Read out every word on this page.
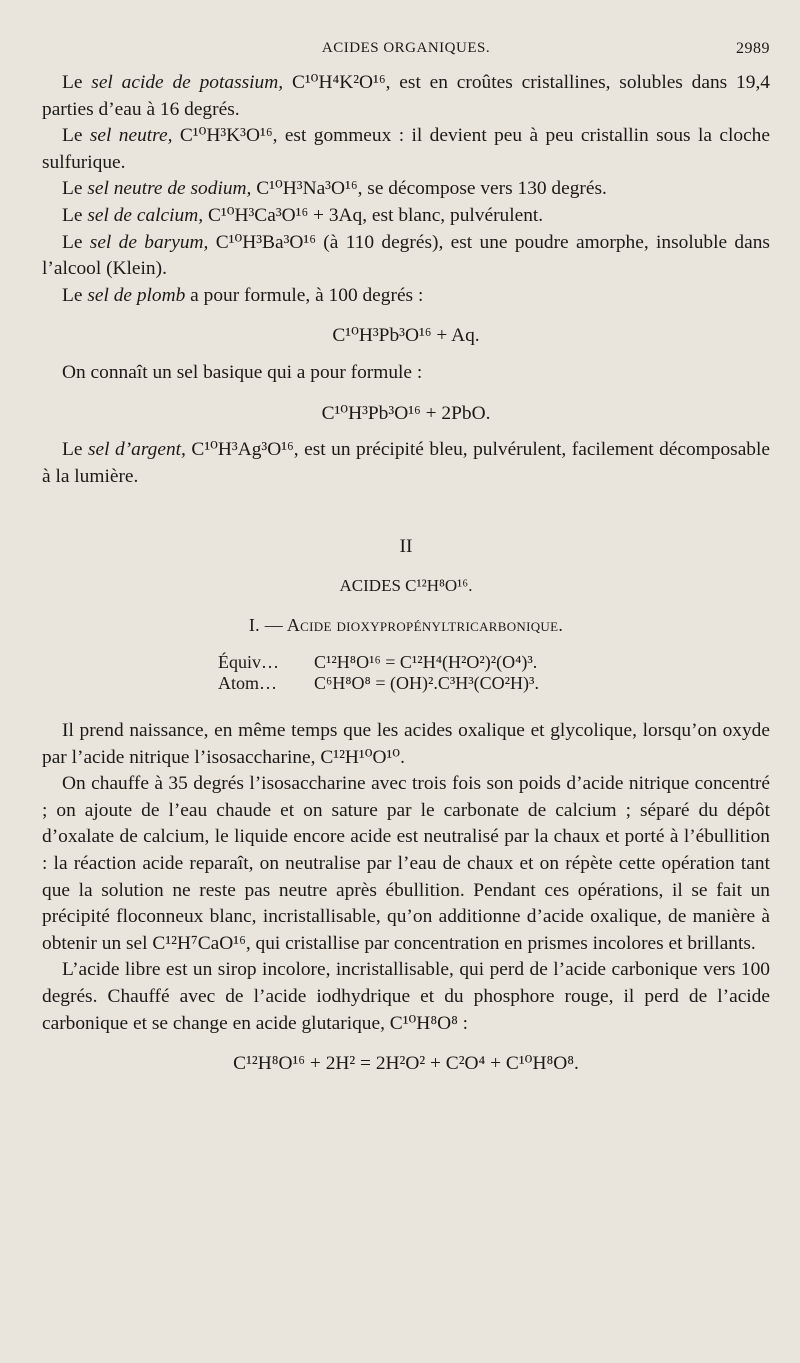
ACIDES ORGANIQUES.	2989

Le sel acide de potassium, C¹⁰H⁴K²O¹⁶, est en croûtes cristallines, solubles dans 19,4 parties d’eau à 16 degrés.

Le sel neutre, C¹⁰H³K³O¹⁶, est gommeux : il devient peu à peu cristallin sous la cloche sulfurique.

Le sel neutre de sodium, C¹⁰H³Na³O¹⁶, se décompose vers 130 degrés.

Le sel de calcium, C¹⁰H³Ca³O¹⁶ + 3Aq, est blanc, pulvérulent.

Le sel de baryum, C¹⁰H³Ba³O¹⁶ (à 110 degrés), est une poudre amorphe, insoluble dans l’alcool (Klein).

Le sel de plomb a pour formule, à 100 degrés :

C¹⁰H³Pb³O¹⁶ + Aq.

On connaît un sel basique qui a pour formule :

C¹⁰H³Pb³O¹⁶ + 2PbO.

Le sel d’argent, C¹⁰H³Ag³O¹⁶, est un précipité bleu, pulvérulent, facilement décomposable à la lumière.

II

ACIDES C¹²H⁸O¹⁶.

I. — Acide dioxypropényltricarbonique.

Équiv… C¹²H⁸O¹⁶ = C¹²H⁴(H²O²)²(O⁴)³.
Atom… C⁶H⁸O⁸ = (OH)².C³H³(CO²H)³.

Il prend naissance, en même temps que les acides oxalique et glycolique, lorsqu’on oxyde par l’acide nitrique l’isosaccharine, C¹²H¹⁰O¹⁰.

On chauffe à 35 degrés l’isosaccharine avec trois fois son poids d’acide nitrique concentré ; on ajoute de l’eau chaude et on sature par le carbonate de calcium ; séparé du dépôt d’oxalate de calcium, le liquide encore acide est neutralisé par la chaux et porté à l’ébullition : la réaction acide reparaît, on neutralise par l’eau de chaux et on répète cette opération tant que la solution ne reste pas neutre après ébullition. Pendant ces opérations, il se fait un précipité floconneux blanc, incristallisable, qu’on additionne d’acide oxalique, de manière à obtenir un sel C¹²H⁷CaO¹⁶, qui cristallise par concentration en prismes incolores et brillants.

L’acide libre est un sirop incolore, incristallisable, qui perd de l’acide carbonique vers 100 degrés. Chauffé avec de l’acide iodhydrique et du phosphore rouge, il perd de l’acide carbonique et se change en acide glutarique, C¹⁰H⁸O⁸ :

C¹²H⁸O¹⁶ + 2H² = 2H²O² + C²O⁴ + C¹⁰H⁸O⁸.
